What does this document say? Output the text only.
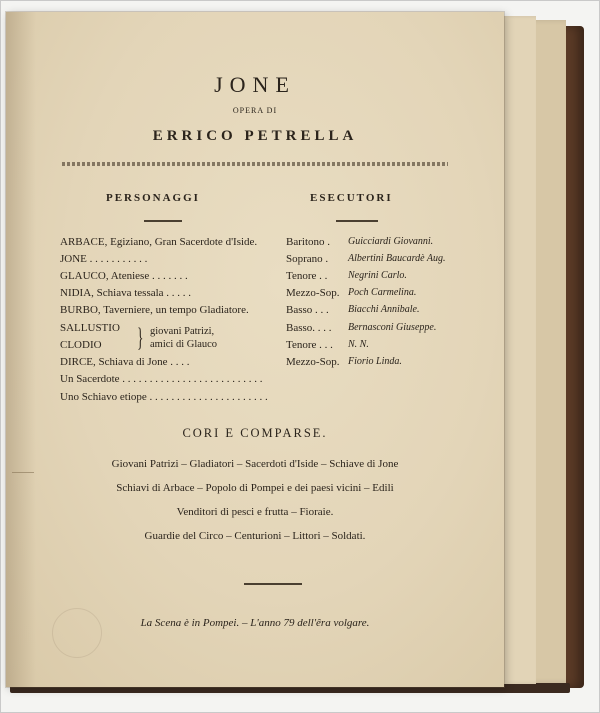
JONE
OPERA DI
ERRICO PETRELLA
PERSONAGGI	ESECUTORI
ARBACE, Egiziano, Gran Sacerdote d'Iside.	Baritono . Guicciardi Giovanni.
JONE . . . . . . . . . . .	Soprano . Albertini Baucardè Aug.
GLAUCO, Ateniese . . . . . . .	Tenore . . Negrini Carlo.
NIDIA, Schiava tessala . . . . .	Mezzo-Sop. Poch Carmelina.
BURBO, Taverniere, un tempo Gladiatore.	Basso . . . Biacchi Annibale.
SALLUSTIO	Basso. . . . Bernasconi Giuseppe.
CLODIO	Tenore . . . N. N.
} giovani Patrizi,
amici di Glauco
DIRCE, Schiava di Jone . . . .	Mezzo-Sop. Fiorio Linda.
Un Sacerdote . . . . . . . . . . . . . . . . . . . . . . . . . .
Uno Schiavo etiope . . . . . . . . . . . . . . . . . . . . . .
CORI E COMPARSE.
Giovani Patrizi – Gladiatori – Sacerdoti d'Iside – Schiave di Jone
Schiavi di Arbace – Popolo di Pompei e dei paesi vicini – Edili
Venditori di pesci e frutta – Fioraie.
Guardie del Circo – Centurioni – Littori – Soldati.
La Scena è in Pompei. – L'anno 79 dell'êra volgare.
